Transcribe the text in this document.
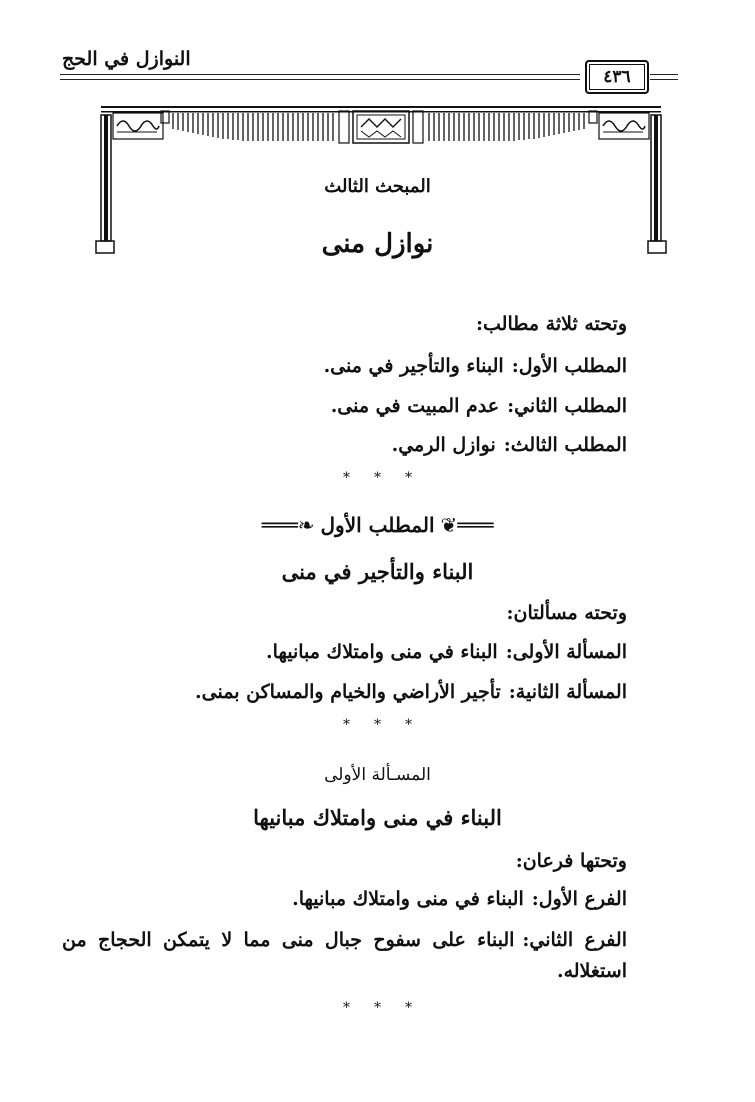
النوازل في الحج
٤٣٦
المبحث الثالث
نوازل منى
وتحته ثلاثة مطالب:
المطلب الأول:البناء والتأجير في منى.
المطلب الثاني:عدم المبيت في منى.
المطلب الثالث:نوازل الرمي.
* * *
═══❦المطلب الأول❧═══
البناء والتأجير في منى
وتحته مسألتان:
المسألة الأولى:البناء في منى وامتلاك مبانيها.
المسألة الثانية:تأجير الأراضي والخيام والمساكن بمنى.
* * *
المسـألة الأولى
البناء في منى وامتلاك مبانيها
وتحتها فرعان:
الفرع الأول:البناء في منى وامتلاك مبانيها.
الفرع الثاني:البناء على سفوح جبال منى مما لا يتمكن الحجاج من استغلاله.
* * *
